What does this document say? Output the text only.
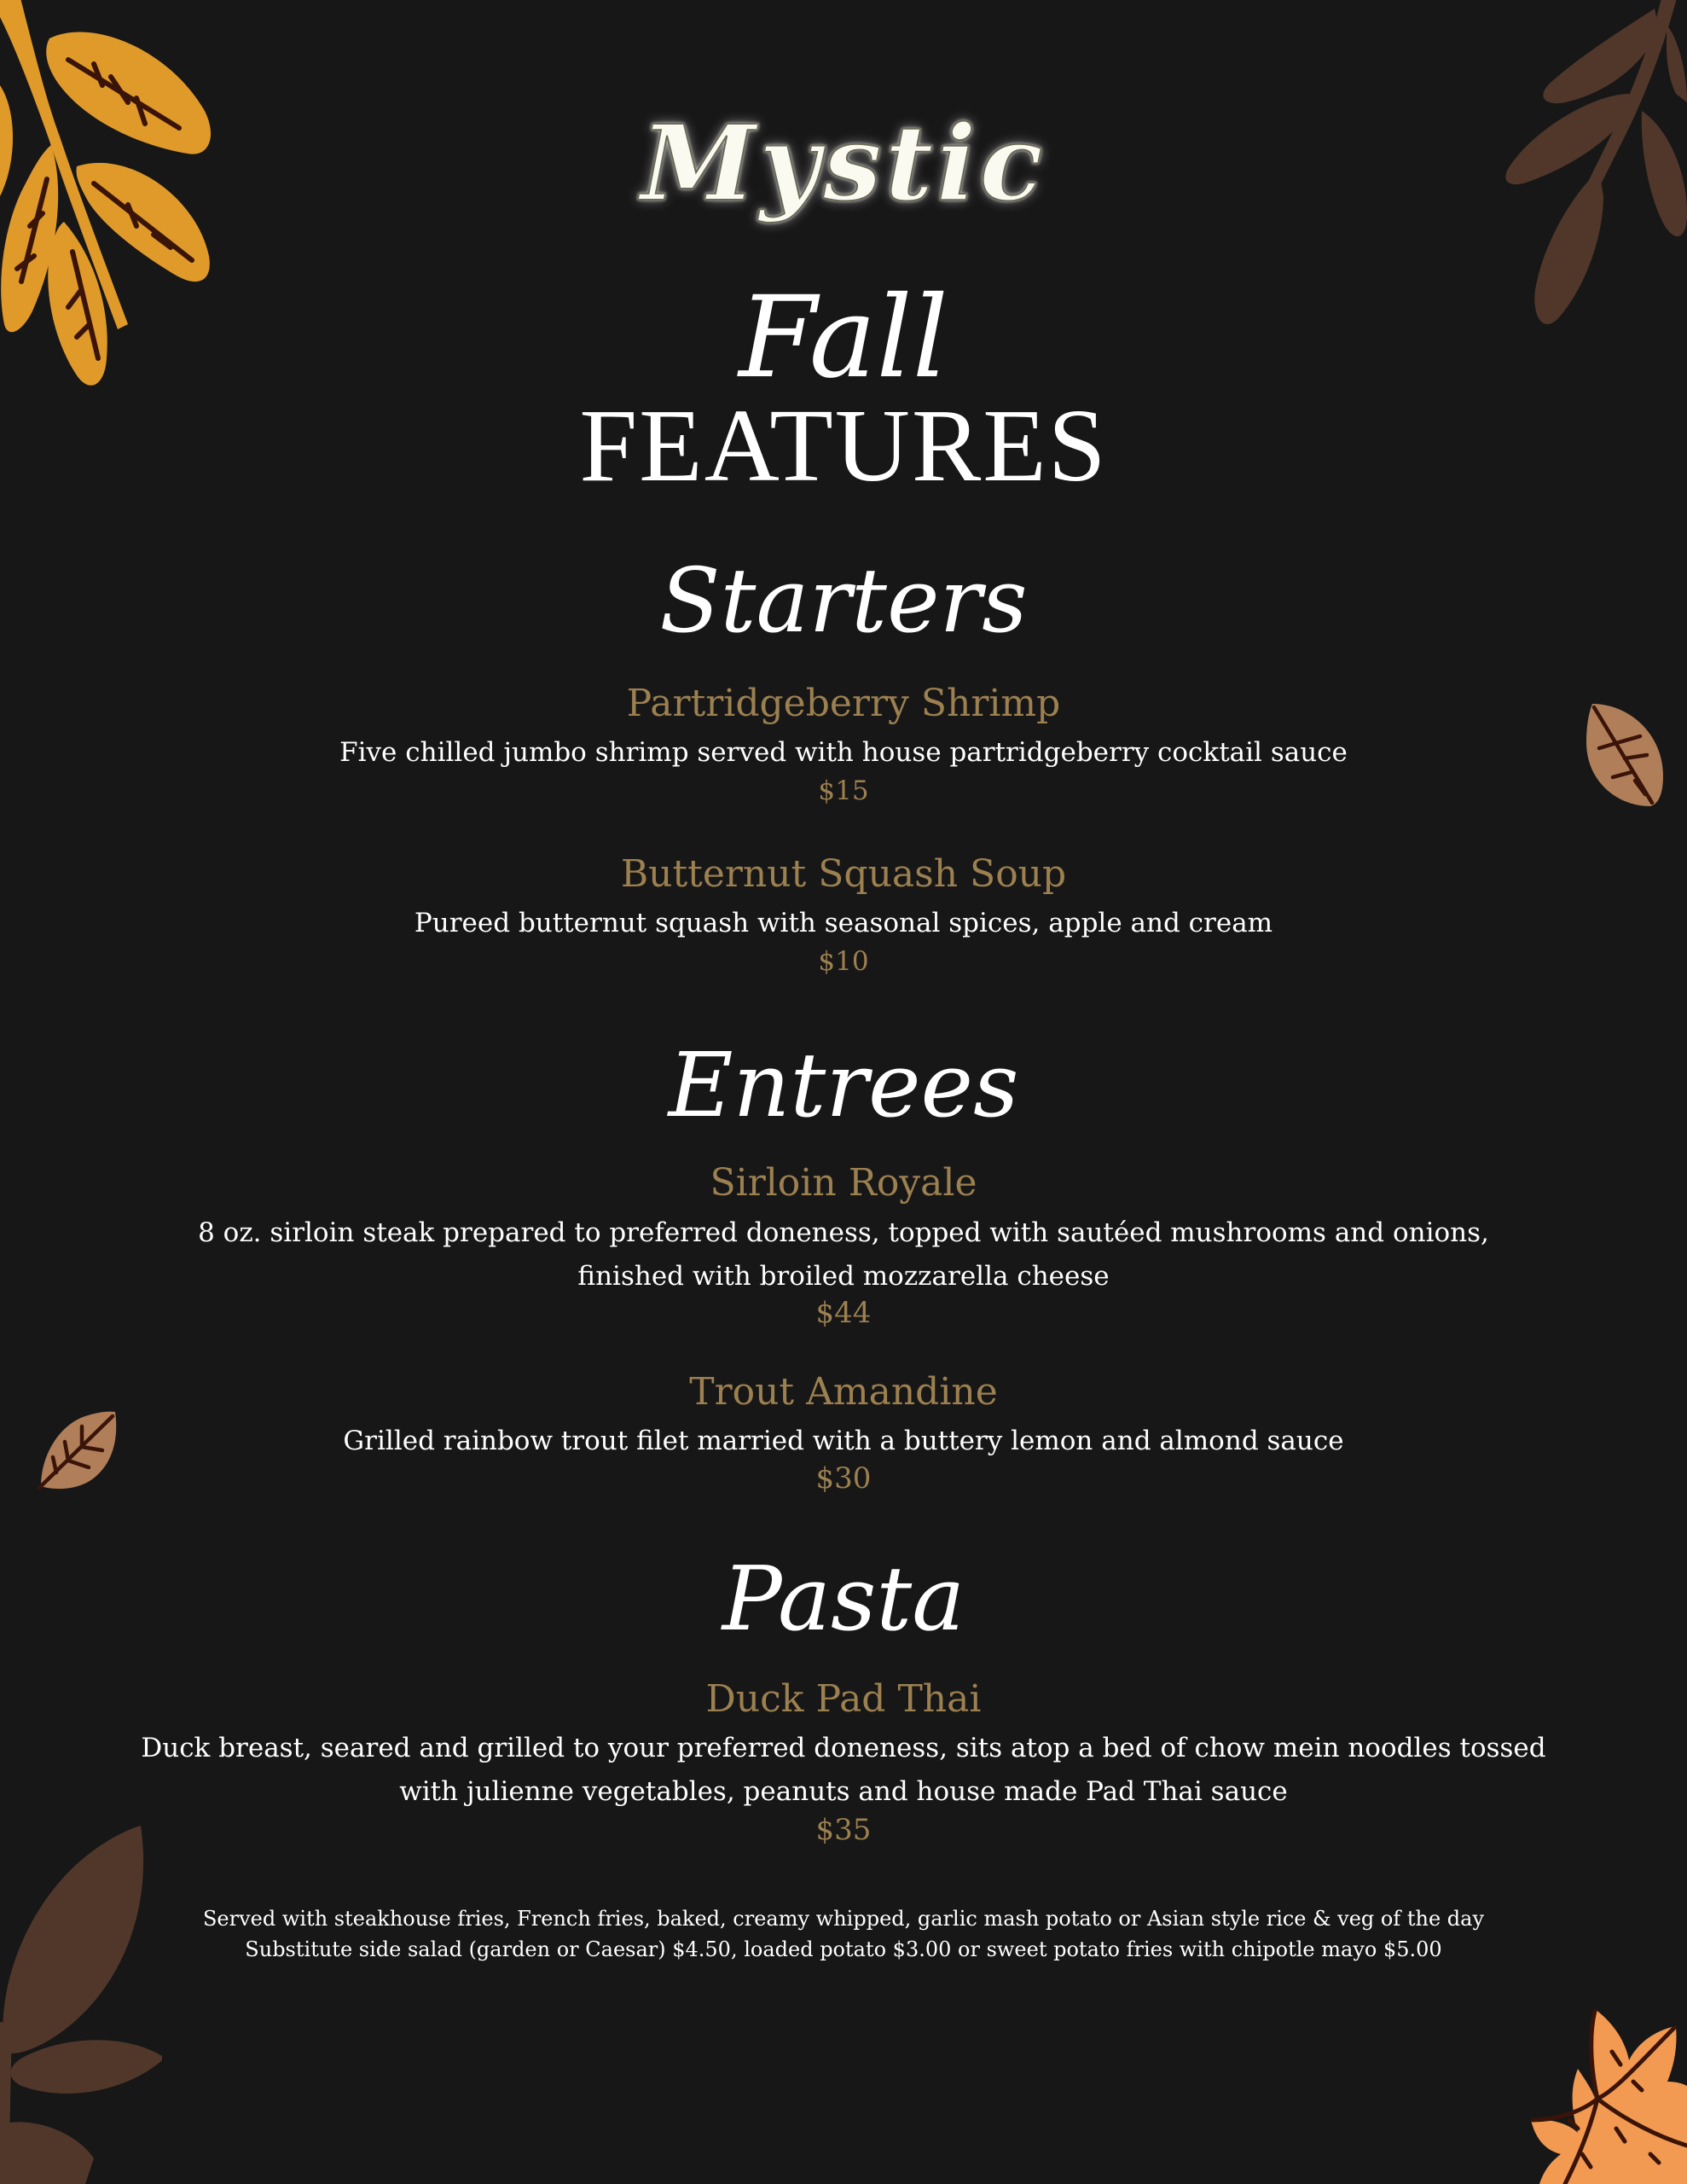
Mystic
Fall
FEATURES
Starters
Partridgeberry Shrimp
Five chilled jumbo shrimp served with house partridgeberry cocktail sauce
$15
Butternut Squash Soup
Pureed butternut squash with seasonal spices, apple and cream
$10
Entrees
Sirloin Royale
8 oz. sirloin steak prepared to preferred doneness, topped with sautéed mushrooms and onions,
finished with broiled mozzarella cheese
$44
Trout Amandine
Grilled rainbow trout filet married with a buttery lemon and almond sauce
$30
Pasta
Duck Pad Thai
Duck breast, seared and grilled to your preferred doneness, sits atop a bed of chow mein noodles tossed
with julienne vegetables, peanuts and house made Pad Thai sauce
$35
Served with steakhouse fries, French fries, baked, creamy whipped, garlic mash potato or Asian style rice & veg of the day
Substitute side salad (garden or Caesar) $4.50, loaded potato $3.00 or sweet potato fries with chipotle mayo $5.00
